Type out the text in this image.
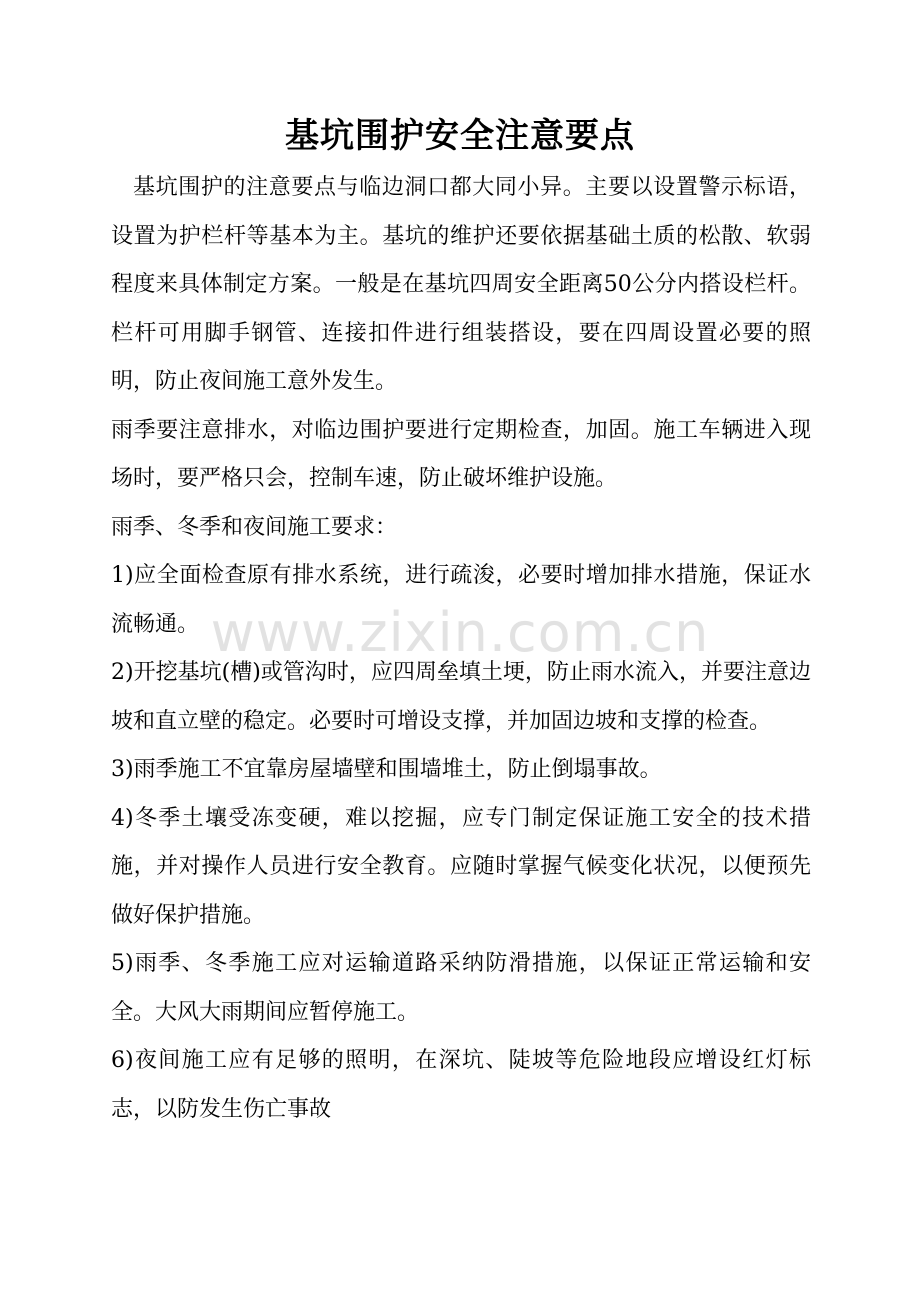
基坑围护安全注意要点

基坑围护的注意要点与临边洞口都大同小异。主要以设置警示标语，设置为护栏杆等基本为主。基坑的维护还要依据基础土质的松散、软弱程度来具体制定方案。一般是在基坑四周安全距离50公分内搭设栏杆。栏杆可用脚手钢管、连接扣件进行组装搭设，要在四周设置必要的照明，防止夜间施工意外发生。

雨季要注意排水，对临边围护要进行定期检查，加固。施工车辆进入现场时，要严格只会，控制车速，防止破坏维护设施。

雨季、冬季和夜间施工要求：

1)应全面检查原有排水系统，进行疏浚，必要时增加排水措施，保证水流畅通。

2)开挖基坑(槽)或管沟时，应四周垒填土埂，防止雨水流入，并要注意边坡和直立壁的稳定。必要时可增设支撑，并加固边坡和支撑的检查。

3)雨季施工不宜靠房屋墙壁和围墙堆土，防止倒塌事故。

4)冬季土壤受冻变硬，难以挖掘，应专门制定保证施工安全的技术措施，并对操作人员进行安全教育。应随时掌握气候变化状况，以便预先做好保护措施。

5)雨季、冬季施工应对运输道路采纳防滑措施，以保证正常运输和安全。大风大雨期间应暂停施工。

6)夜间施工应有足够的照明，在深坑、陡坡等危险地段应增设红灯标志，以防发生伤亡事故

www.zixin.com.cn
